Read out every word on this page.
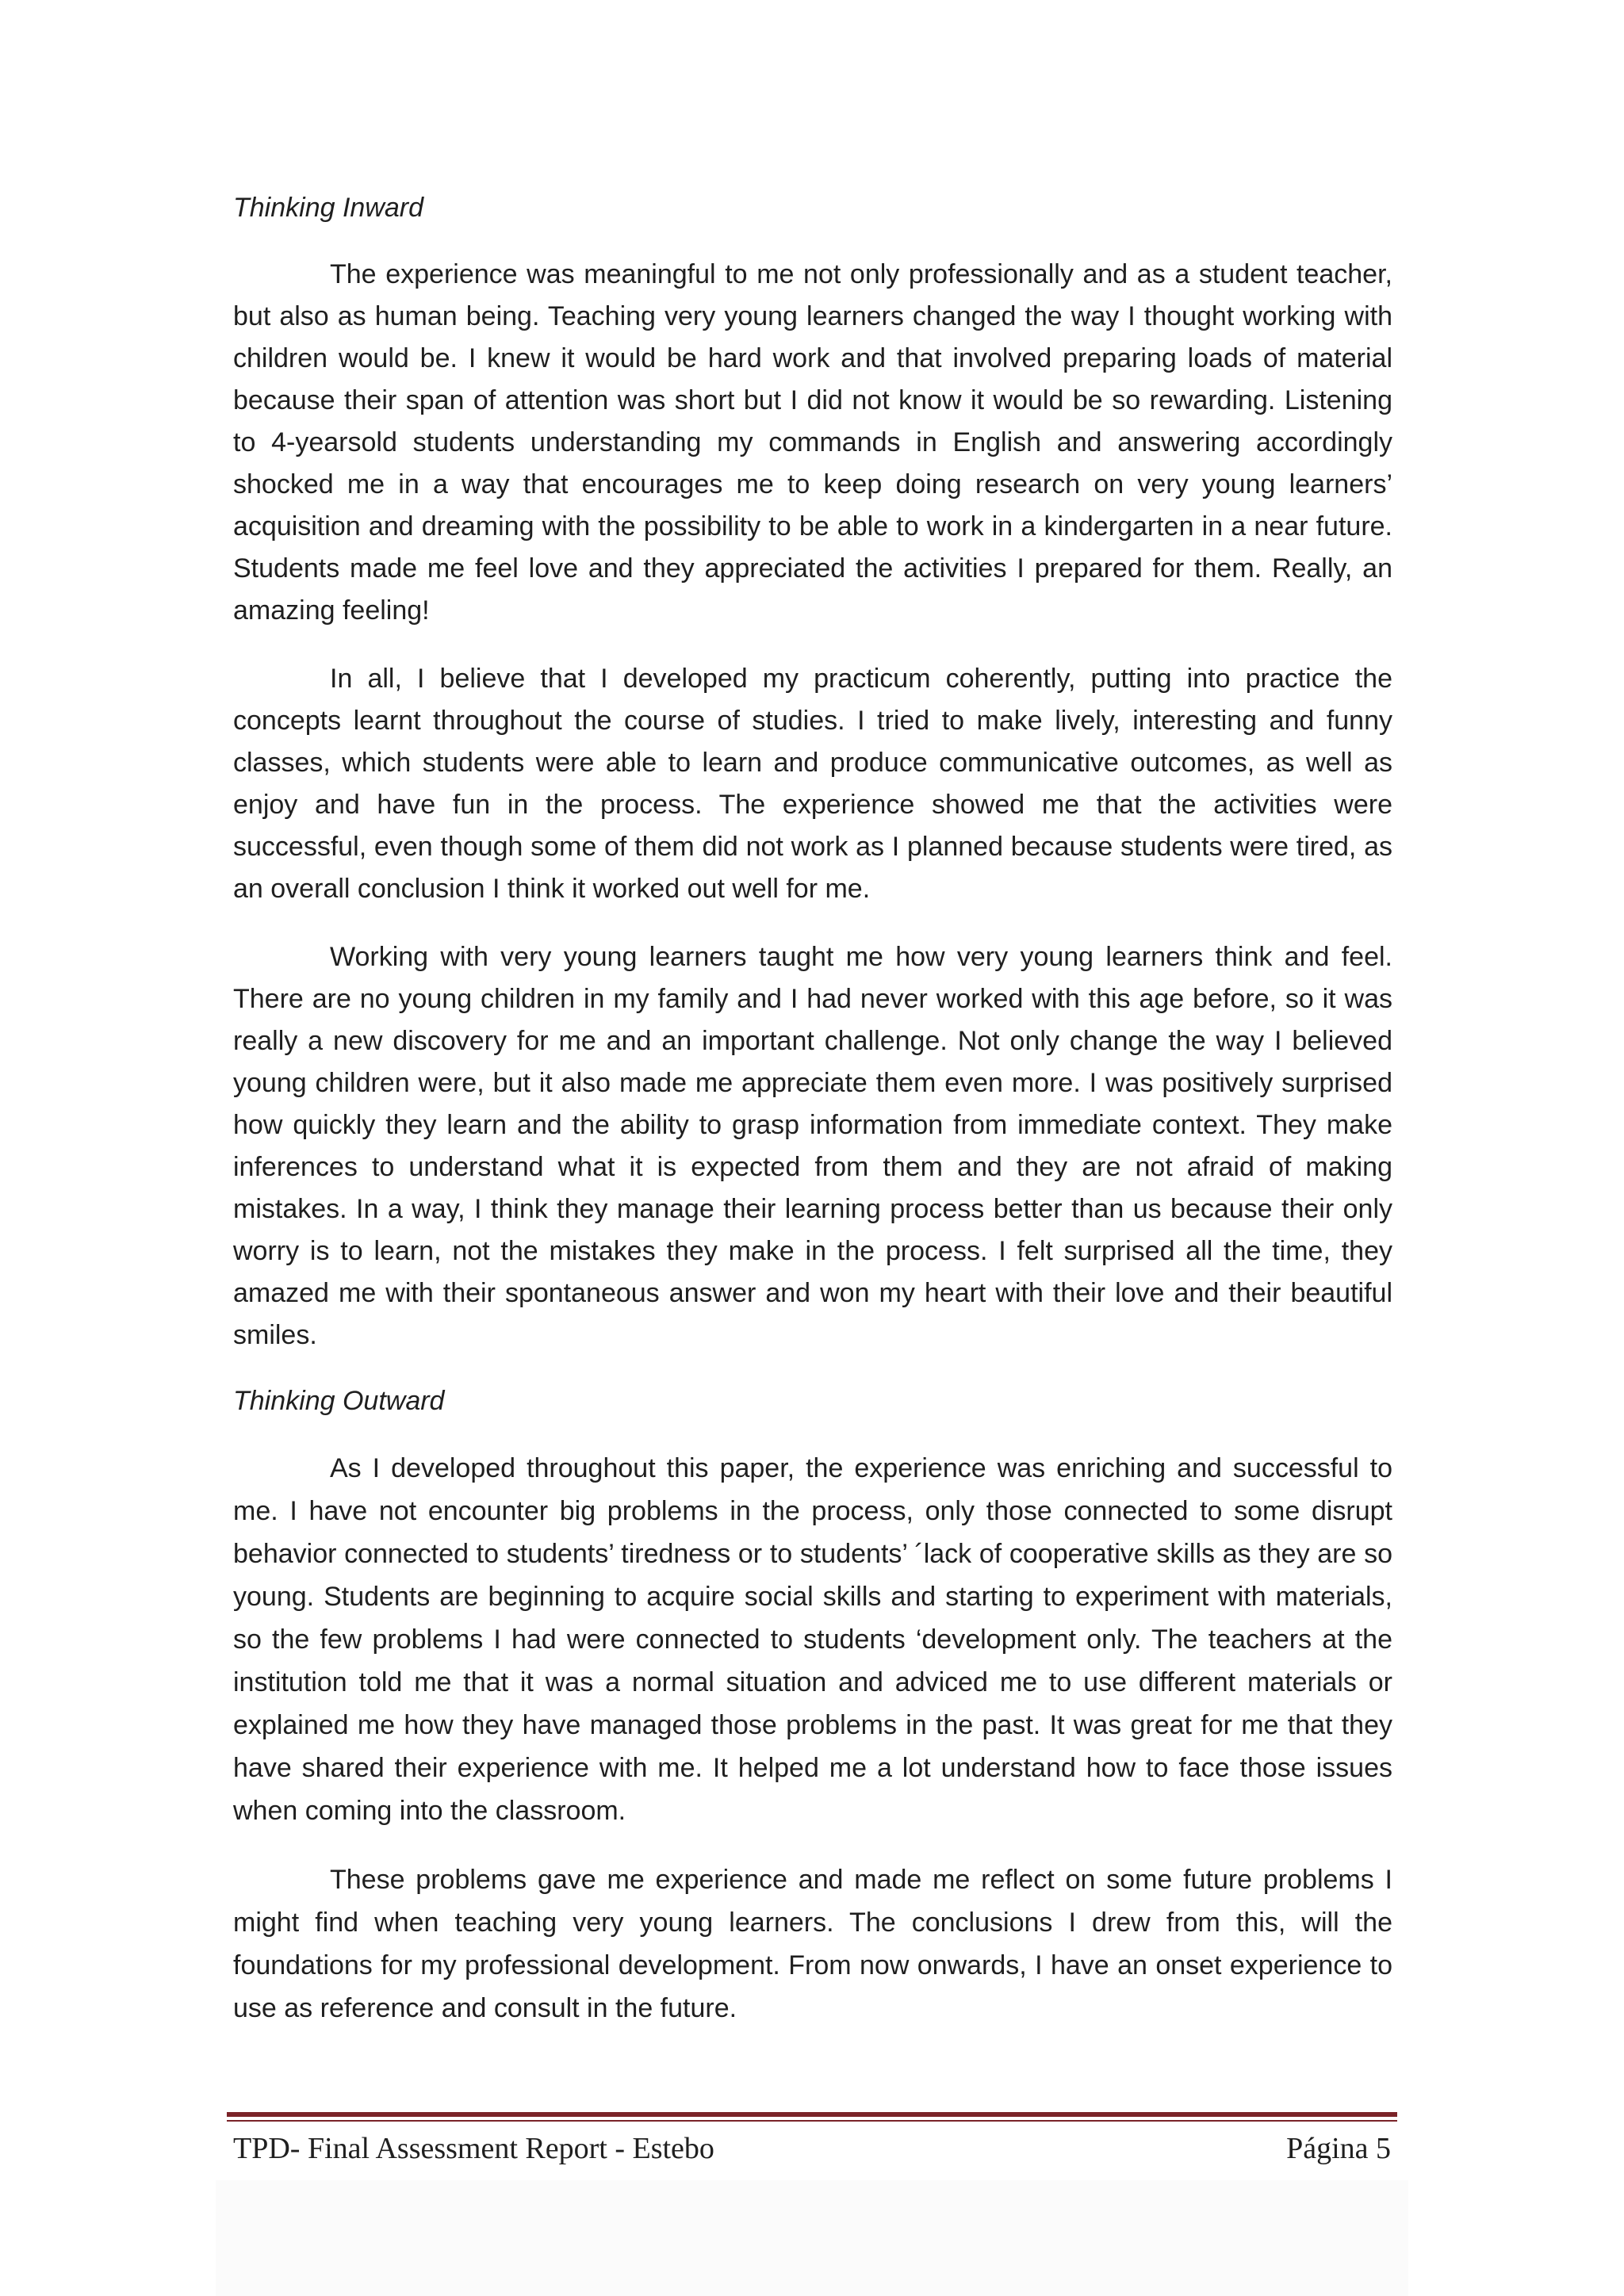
Thinking Inward

The experience was meaningful to me not only professionally and as a student teacher, but also as human being. Teaching very young learners changed the way I thought working with children would be. I knew it would be hard work and that involved preparing loads of material because their span of attention was short but I did not know it would be so rewarding. Listening to 4-yearsold students understanding my commands in English and answering accordingly shocked me in a way that encourages me to keep doing research on very young learners’ acquisition and dreaming with the possibility to be able to work in a kindergarten in a near future. Students made me feel love and they appreciated the activities I prepared for them. Really, an amazing feeling!

In all, I believe that I developed my practicum coherently, putting into practice the concepts learnt throughout the course of studies. I tried to make lively, interesting and funny classes, which students were able to learn and produce communicative outcomes, as well as enjoy and have fun in the process. The experience showed me that the activities were successful, even though some of them did not work as I planned because students were tired, as an overall conclusion I think it worked out well for me.

Working with very young learners taught me how very young learners think and feel. There are no young children in my family and I had never worked with this age before, so it was really a new discovery for me and an important challenge. Not only change the way I believed young children were, but it also made me appreciate them even more. I was positively surprised how quickly they learn and the ability to grasp information from immediate context. They make inferences to understand what it is expected from them and they are not afraid of making mistakes. In a way, I think they manage their learning process better than us because their only worry is to learn, not the mistakes they make in the process. I felt surprised all the time, they amazed me with their spontaneous answer and won my heart with their love and their beautiful smiles.

Thinking Outward

As I developed throughout this paper, the experience was enriching and successful to me. I have not encounter big problems in the process, only those connected to some disrupt behavior connected to students’ tiredness or to students’ ´lack of cooperative skills as they are so young. Students are beginning to acquire social skills and starting to experiment with materials, so the few problems I had were connected to students ‘development only. The teachers at the institution told me that it was a normal situation and adviced me to use different materials or explained me how they have managed those problems in the past. It was great for me that they have shared their experience with me. It helped me a lot understand how to face those issues when coming into the classroom.

These problems gave me experience and made me reflect on some future problems I might find when teaching very young learners. The conclusions I drew from this, will the foundations for my professional development. From now onwards, I have an onset experience to use as reference and consult in the future.

TPD- Final Assessment Report - Estebo	Página 5
